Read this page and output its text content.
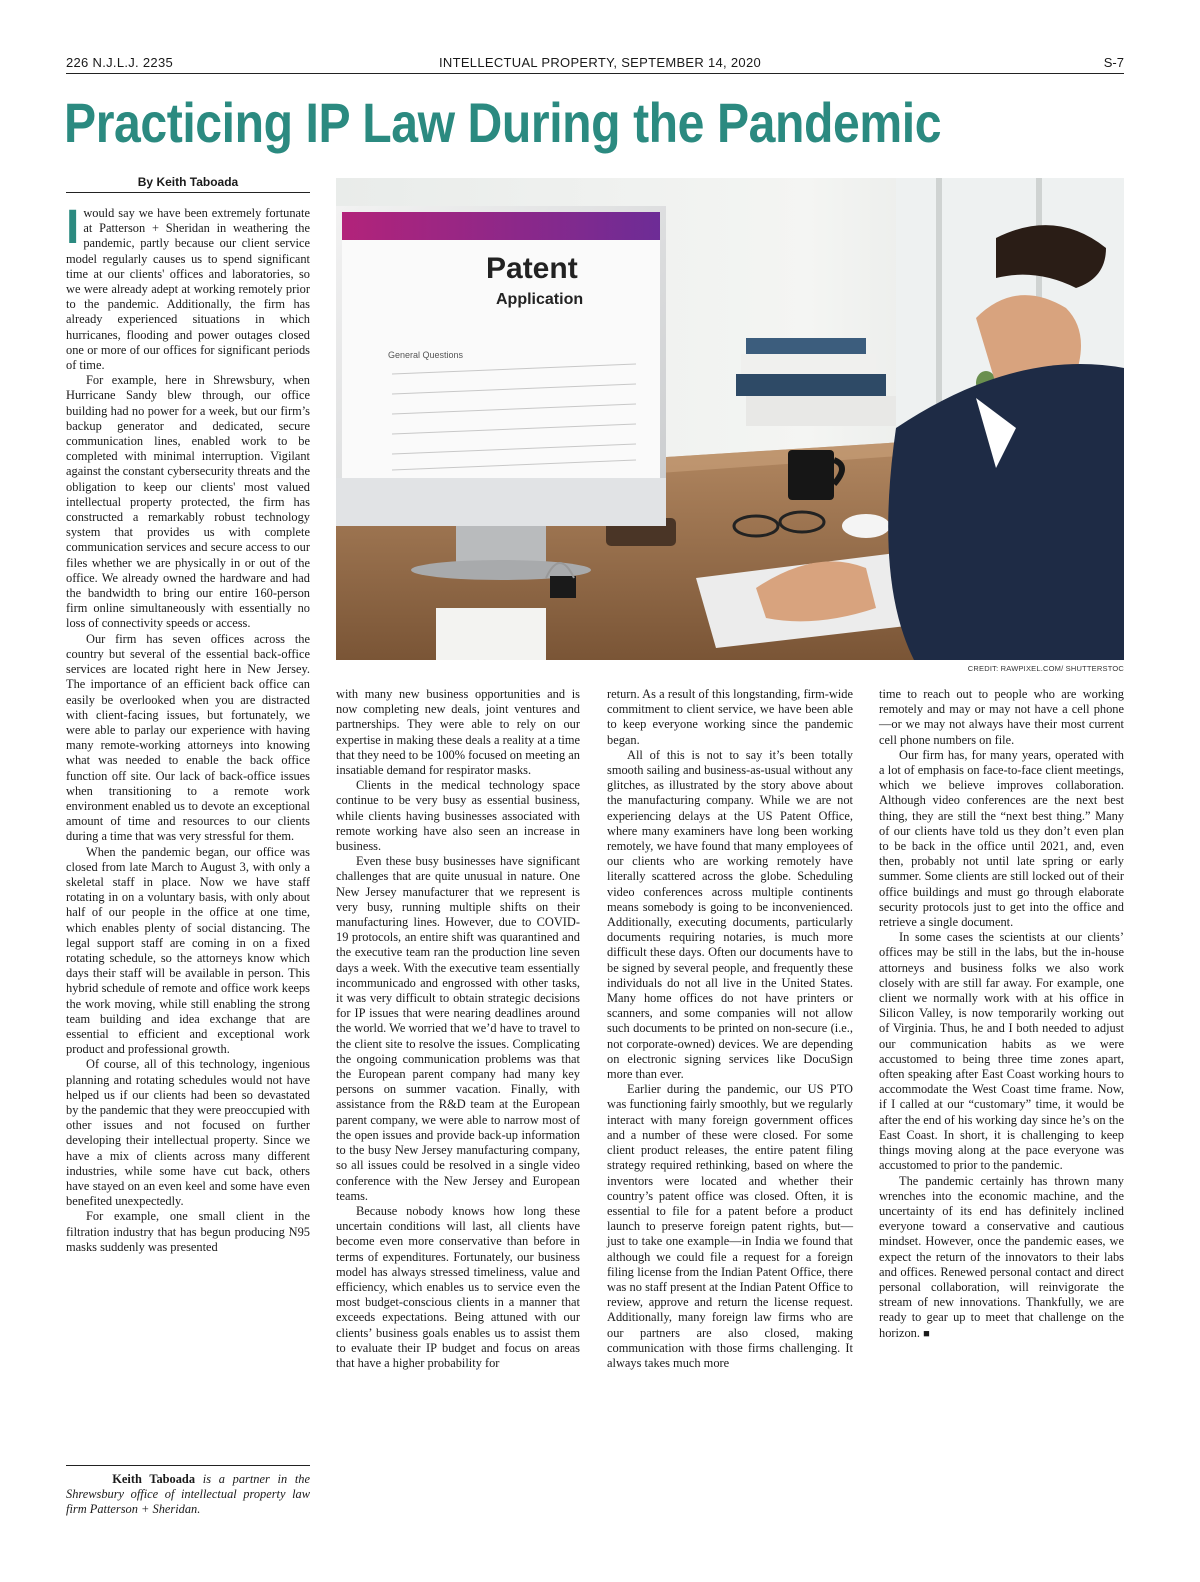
226 N.J.L.J. 2235	INTELLECTUAL PROPERTY, SEPTEMBER 14, 2020	S-7
Practicing IP Law During the Pandemic
By Keith Taboada
Patent
Application
General Questions
CREDIT: RAWPIXEL.COM/ SHUTTERSTOC

Iwould say we have been extremely fortunate at Patterson + Sheridan in weathering the pandemic, partly because our client service model regularly causes us to spend significant time at our clients' offices and laboratories, so we were already adept at working remotely prior to the pandemic. Additionally, the firm has already experienced situations in which hurricanes, flooding and power outages closed one or more of our offices for significant periods of time.

For example, here in Shrewsbury, when Hurricane Sandy blew through, our office building had no power for a week, but our firm’s backup generator and dedicated, secure communication lines, enabled work to be completed with minimal interruption. Vigilant against the constant cybersecurity threats and the obligation to keep our clients' most valued intellectual property protected, the firm has constructed a remarkably robust technology system that provides us with complete communication services and secure access to our files whether we are physically in or out of the office. We already owned the hardware and had the bandwidth to bring our entire 160-person firm online simultaneously with essentially no loss of connectivity speeds or access.

Our firm has seven offices across the country but several of the essential back-office services are located right here in New Jersey. The importance of an efficient back office can easily be overlooked when you are distracted with client-facing issues, but fortunately, we were able to parlay our experience with having many remote-working attorneys into knowing what was needed to enable the back office function off site. Our lack of back-office issues when transitioning to a remote work environment enabled us to devote an exceptional amount of time and resources to our clients during a time that was very stressful for them.

When the pandemic began, our office was closed from late March to August 3, with only a skeletal staff in place. Now we have staff rotating in on a voluntary basis, with only about half of our people in the office at one time, which enables plenty of social distancing. The legal support staff are coming in on a fixed rotating schedule, so the attorneys know which days their staff will be available in person. This hybrid schedule of remote and office work keeps the work moving, while still enabling the strong team building and idea exchange that are essential to efficient and exceptional work product and professional growth.

Of course, all of this technology, ingenious planning and rotating schedules would not have helped us if our clients had been so devastated by the pandemic that they were preoccupied with other issues and not focused on further developing their intellectual property. Since we have a mix of clients across many different industries, while some have cut back, others have stayed on an even keel and some have even benefited unexpectedly.

For example, one small client in the filtration industry that has begun producing N95 masks suddenly was presented

Keith Taboada is a partner in the Shrewsbury office of intellectual property law firm Patterson + Sheridan.

with many new business opportunities and is now completing new deals, joint ventures and partnerships. They were able to rely on our expertise in making these deals a reality at a time that they need to be 100% focused on meeting an insatiable demand for respirator masks.

Clients in the medical technology space continue to be very busy as essential business, while clients having businesses associated with remote working have also seen an increase in business.

Even these busy businesses have significant challenges that are quite unusual in nature. One New Jersey manufacturer that we represent is very busy, running multiple shifts on their manufacturing lines. However, due to COVID-19 protocols, an entire shift was quarantined and the executive team ran the production line seven days a week. With the executive team essentially incommunicado and engrossed with other tasks, it was very difficult to obtain strategic decisions for IP issues that were nearing deadlines around the world. We worried that we’d have to travel to the client site to resolve the issues. Complicating the ongoing communication problems was that the European parent company had many key persons on summer vacation. Finally, with assistance from the R&D team at the European parent company, we were able to narrow most of the open issues and provide back-up information to the busy New Jersey manufacturing company, so all issues could be resolved in a single video conference with the New Jersey and European teams.

Because nobody knows how long these uncertain conditions will last, all clients have become even more conservative than before in terms of expenditures. Fortunately, our business model has always stressed timeliness, value and efficiency, which enables us to service even the most budget-conscious clients in a manner that exceeds expectations. Being attuned with our clients’ business goals enables us to assist them to evaluate their IP budget and focus on areas that have a higher probability for

return. As a result of this longstanding, firm-wide commitment to client service, we have been able to keep everyone working since the pandemic began.

All of this is not to say it’s been totally smooth sailing and business-as-usual without any glitches, as illustrated by the story above about the manufacturing company. While we are not experiencing delays at the US Patent Office, where many examiners have long been working remotely, we have found that many employees of our clients who are working remotely have literally scattered across the globe. Scheduling video conferences across multiple continents means somebody is going to be inconvenienced. Additionally, executing documents, particularly documents requiring notaries, is much more difficult these days. Often our documents have to be signed by several people, and frequently these individuals do not all live in the United States. Many home offices do not have printers or scanners, and some companies will not allow such documents to be printed on non-secure (i.e., not corporate-owned) devices. We are depending on electronic signing services like DocuSign more than ever.

Earlier during the pandemic, our US PTO was functioning fairly smoothly, but we regularly interact with many foreign government offices and a number of these were closed. For some client product releases, the entire patent filing strategy required rethinking, based on where the inventors were located and whether their country’s patent office was closed. Often, it is essential to file for a patent before a product launch to preserve foreign patent rights, but—just to take one example—in India we found that although we could file a request for a foreign filing license from the Indian Patent Office, there was no staff present at the Indian Patent Office to review, approve and return the license request. Additionally, many foreign law firms who are our partners are also closed, making communication with those firms challenging. It always takes much more

time to reach out to people who are working remotely and may or may not have a cell phone—or we may not always have their most current cell phone numbers on file.

Our firm has, for many years, operated with a lot of emphasis on face-to-face client meetings, which we believe improves collaboration. Although video conferences are the next best thing, they are still the “next best thing.” Many of our clients have told us they don’t even plan to be back in the office until 2021, and, even then, probably not until late spring or early summer. Some clients are still locked out of their office buildings and must go through elaborate security protocols just to get into the office and retrieve a single document.

In some cases the scientists at our clients’ offices may be still in the labs, but the in-house attorneys and business folks we also work closely with are still far away. For example, one client we normally work with at his office in Silicon Valley, is now temporarily working out of Virginia. Thus, he and I both needed to adjust our communication habits as we were accustomed to being three time zones apart, often speaking after East Coast working hours to accommodate the West Coast time frame. Now, if I called at our “customary” time, it would be after the end of his working day since he’s on the East Coast. In short, it is challenging to keep things moving along at the pace everyone was accustomed to prior to the pandemic.

The pandemic certainly has thrown many wrenches into the economic machine, and the uncertainty of its end has definitely inclined everyone toward a conservative and cautious mindset. However, once the pandemic eases, we expect the return of the innovators to their labs and offices. Renewed personal contact and direct personal collaboration, will reinvigorate the stream of new innovations. Thankfully, we are ready to gear up to meet that challenge on the horizon. ■
